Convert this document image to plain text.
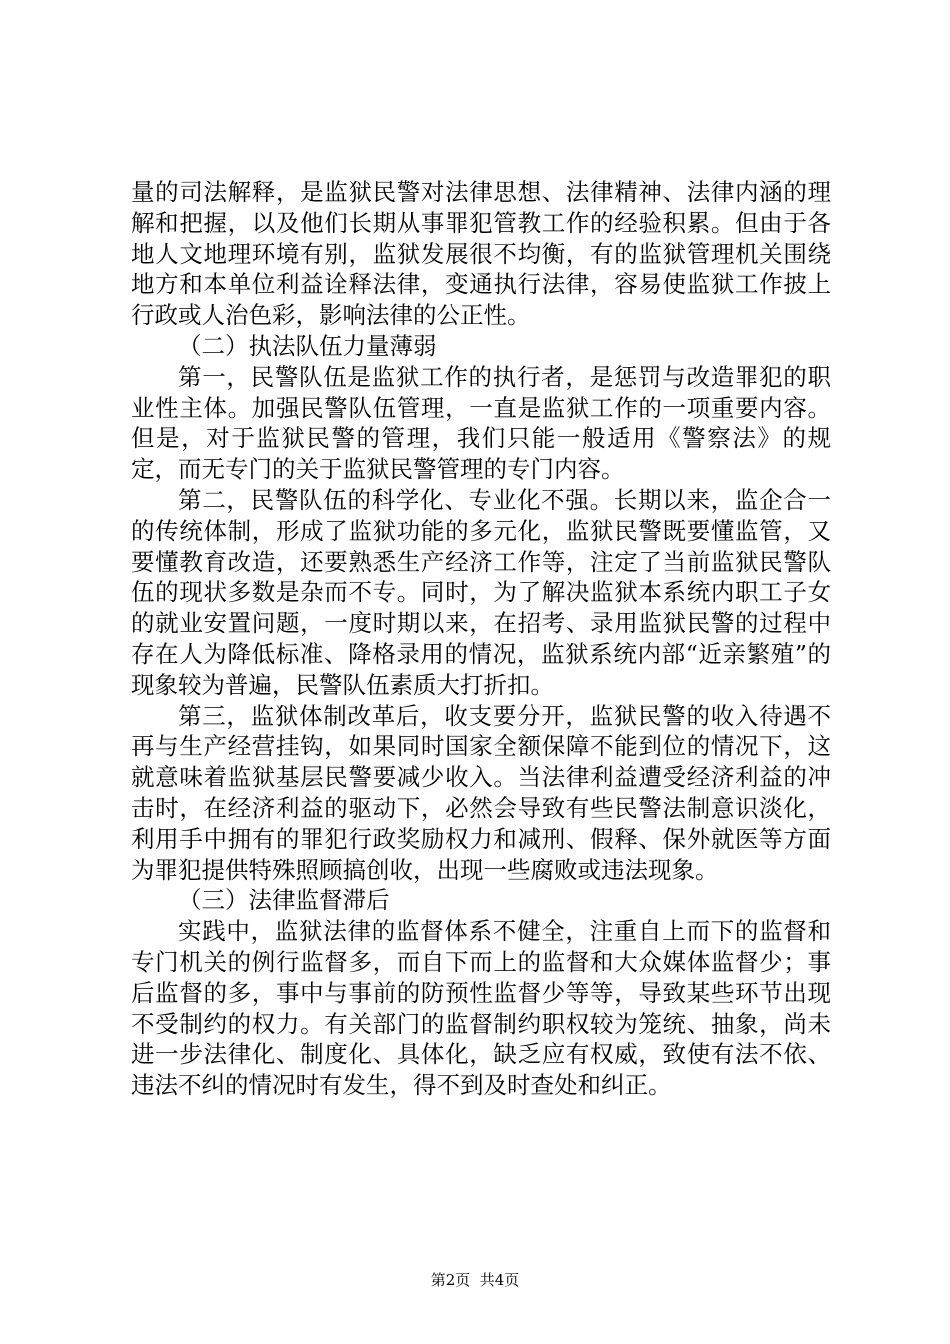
量的司法解释，是监狱民警对法律思想、法律精神、法律内涵的理解和把握，以及他们长期从事罪犯管教工作的经验积累。但由于各地人文地理环境有别，监狱发展很不均衡，有的监狱管理机关围绕地方和本单位利益诠释法律，变通执行法律，容易使监狱工作披上行政或人治色彩，影响法律的公正性。

（二）执法队伍力量薄弱

第一，民警队伍是监狱工作的执行者，是惩罚与改造罪犯的职业性主体。加强民警队伍管理，一直是监狱工作的一项重要内容。但是，对于监狱民警的管理，我们只能一般适用《警察法》的规定，而无专门的关于监狱民警管理的专门内容。

第二，民警队伍的科学化、专业化不强。长期以来，监企合一的传统体制，形成了监狱功能的多元化，监狱民警既要懂监管，又要懂教育改造，还要熟悉生产经济工作等，注定了当前监狱民警队伍的现状多数是杂而不专。同时，为了解决监狱本系统内职工子女的就业安置问题，一度时期以来，在招考、录用监狱民警的过程中存在人为降低标准、降格录用的情况，监狱系统内部“近亲繁殖”的现象较为普遍，民警队伍素质大打折扣。

第三，监狱体制改革后，收支要分开，监狱民警的收入待遇不再与生产经营挂钩，如果同时国家全额保障不能到位的情况下，这就意味着监狱基层民警要减少收入。当法律利益遭受经济利益的冲击时，在经济利益的驱动下，必然会导致有些民警法制意识淡化，利用手中拥有的罪犯行政奖励权力和减刑、假释、保外就医等方面为罪犯提供特殊照顾搞创收，出现一些腐败或违法现象。

（三）法律监督滞后

实践中，监狱法律的监督体系不健全，注重自上而下的监督和专门机关的例行监督多，而自下而上的监督和大众媒体监督少；事后监督的多，事中与事前的防预性监督少等等，导致某些环节出现不受制约的权力。有关部门的监督制约职权较为笼统、抽象，尚未进一步法律化、制度化、具体化，缺乏应有权威，致使有法不依、违法不纠的情况时有发生，得不到及时查处和纠正。

第2页  共4页
